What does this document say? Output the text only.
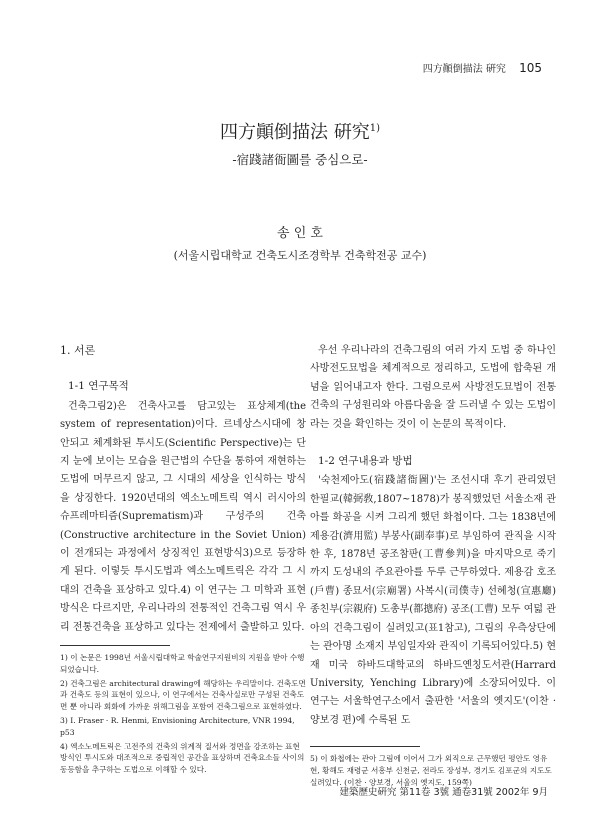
四方顚倒描法 硏究 105
四方顚倒描法 硏究$^{1)}$
-宿踐諸衙圖를 중심으로-
송 인 호
(서울시립대학교 건축도시조경학부 건축학전공 교수)
1. 서론
1-1 연구목적

건축그림2)은 건축사고를 담고있는 표상체계(the system of representation)이다. 르네상스시대에 창안되고 체계화된 투시도(Scientific Perspective)는 단지 눈에 보이는 모습을 원근법의 수단을 통하여 재현하는 도법에 머무르지 않고, 그 시대의 세상을 인식하는 방식을 상징한다. 1920년대의 엑소노메트릭 역시 러시아의 슈프레마티즘(Suprematism)과 구성주의 건축(Constructive architecture in the Soviet Union)이 전개되는 과정에서 상징적인 표현방식3)으로 등장하게 된다. 이렇듯 투시도법과 엑소노메트릭은 각각 그 시대의 건축을 표상하고 있다.4) 이 연구는 그 미학과 표현방식은 다르지만, 우리나라의 전통적인 건축그림 역시 우리 전통건축을 표상하고 있다는 전제에서 출발하고 있다.

1) 이 논문은 1998년 서울시립대학교 학술연구지원비의 지원을 받아 수행되었습니다.

2) 건축그림은 architectural drawing에 해당하는 우리말이다. 건축도면과 건축도 등의 표현이 있으나, 이 연구에서는 건축사실로만 구성된 건축도면 뿐 아니라 회화에 가까운 위해그림을 포함여 건축그림으로 표현하였다.

3) I. Fraser · R. Henmi, Envisioning Architecture, VNR 1994, p53

4) 엑소노메트릭은 고전주의 건축의 위계적 질서와 정면을 강조하는 표현방식인 투시도와 대조적으로 중립적인 공간을 표상하며 건축요소들 사이의 동등함을 추구하는 도법으로 이해할 수 있다.

우선 우리나라의 건축그림의 여러 가지 도법 중 하나인 사방전도묘법을 체계적으로 정리하고, 도법에 합축된 개념을 읽어내고자 한다. 그럼으로써 사방전도묘법이 전통건축의 구성원리와 아름다움을 잘 드러낼 수 있는 도법이라는 것을 확인하는 것이 이 논문의 목적이다.

1-2 연구내용과 방법

'숙천제아도(宿踐諸衙圖)'는 조선시대 후기 관리였던 한필교(韓弼敎,1807~1878)가 봉직했었던 서울소재 관아를 화공을 시켜 그리게 했던 화첩이다. 그는 1838년에 제용감(濟用監) 부봉사(副奉事)로 부임하여 관직을 시작한 후, 1878년 공조참판(工曹參判)을 마지막으로 죽기까지 도성내의 주요관아를 두루 근무하였다. 제용감 호조(戶曹) 종묘서(宗廟署) 사복시(司僕寺) 선혜청(宣惠廳) 종친부(宗親府) 도총부(都摠府) 공조(工曹) 모두 여덟 관아의 건축그림이 실려있고(표1참고), 그림의 우측상단에는 관아명 소재지 부임일자와 관직이 기록되어있다.5) 현재 미국 하바드대학교의 하바드옌칭도서관(Harrard University, Yenching Library)에 소장되어있다. 이 연구는 서울학연구소에서 출판한 '서울의 옛지도'(이찬 · 양보경 편)에 수록된 도

5) 이 화첩에는 관아 그림에 이어서 그가 외직으로 근무했던 평안도 영유현, 황해도 재령군 서흥부 신천군, 전라도 장성부, 경기도 김포군의 지도도 실려있다. (이찬 · 양보경, 서울의 옛지도, 159쪽)

建築歷史硏究 第11卷 3號 通卷31號 2002年 9月
